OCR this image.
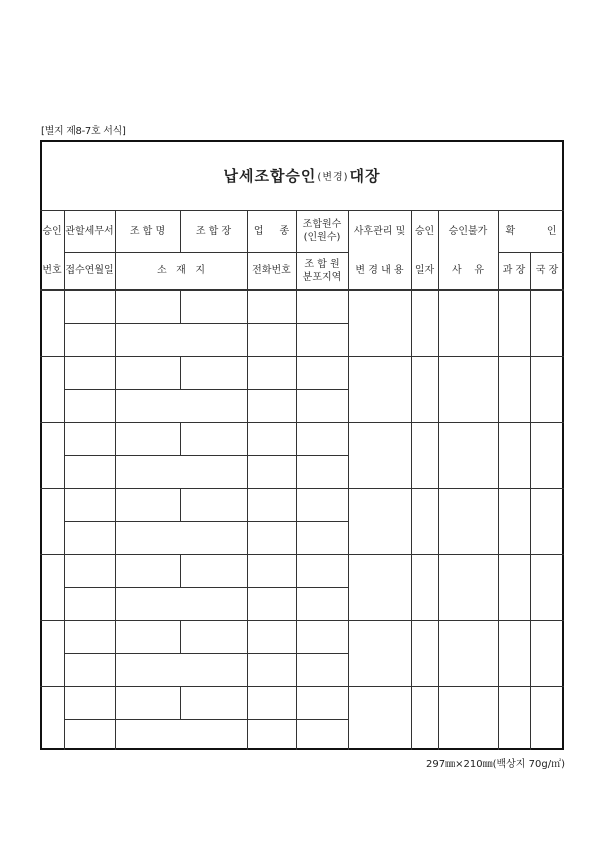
[별지 제8-7호 서식]
납세조합승인 (변경) 대장
승인
번호
관할세무서
접수연월일
조 합 명	조 합 장
소   재   지
업     종
전화번호
조합원수
(인원수)
조 합 원
분포지역
사후관리 및
변 경 내 용
승인
일자
승인불가
사    유
확          인
과 장	국 장
297㎜×210㎜(백상지 70g/㎡)
